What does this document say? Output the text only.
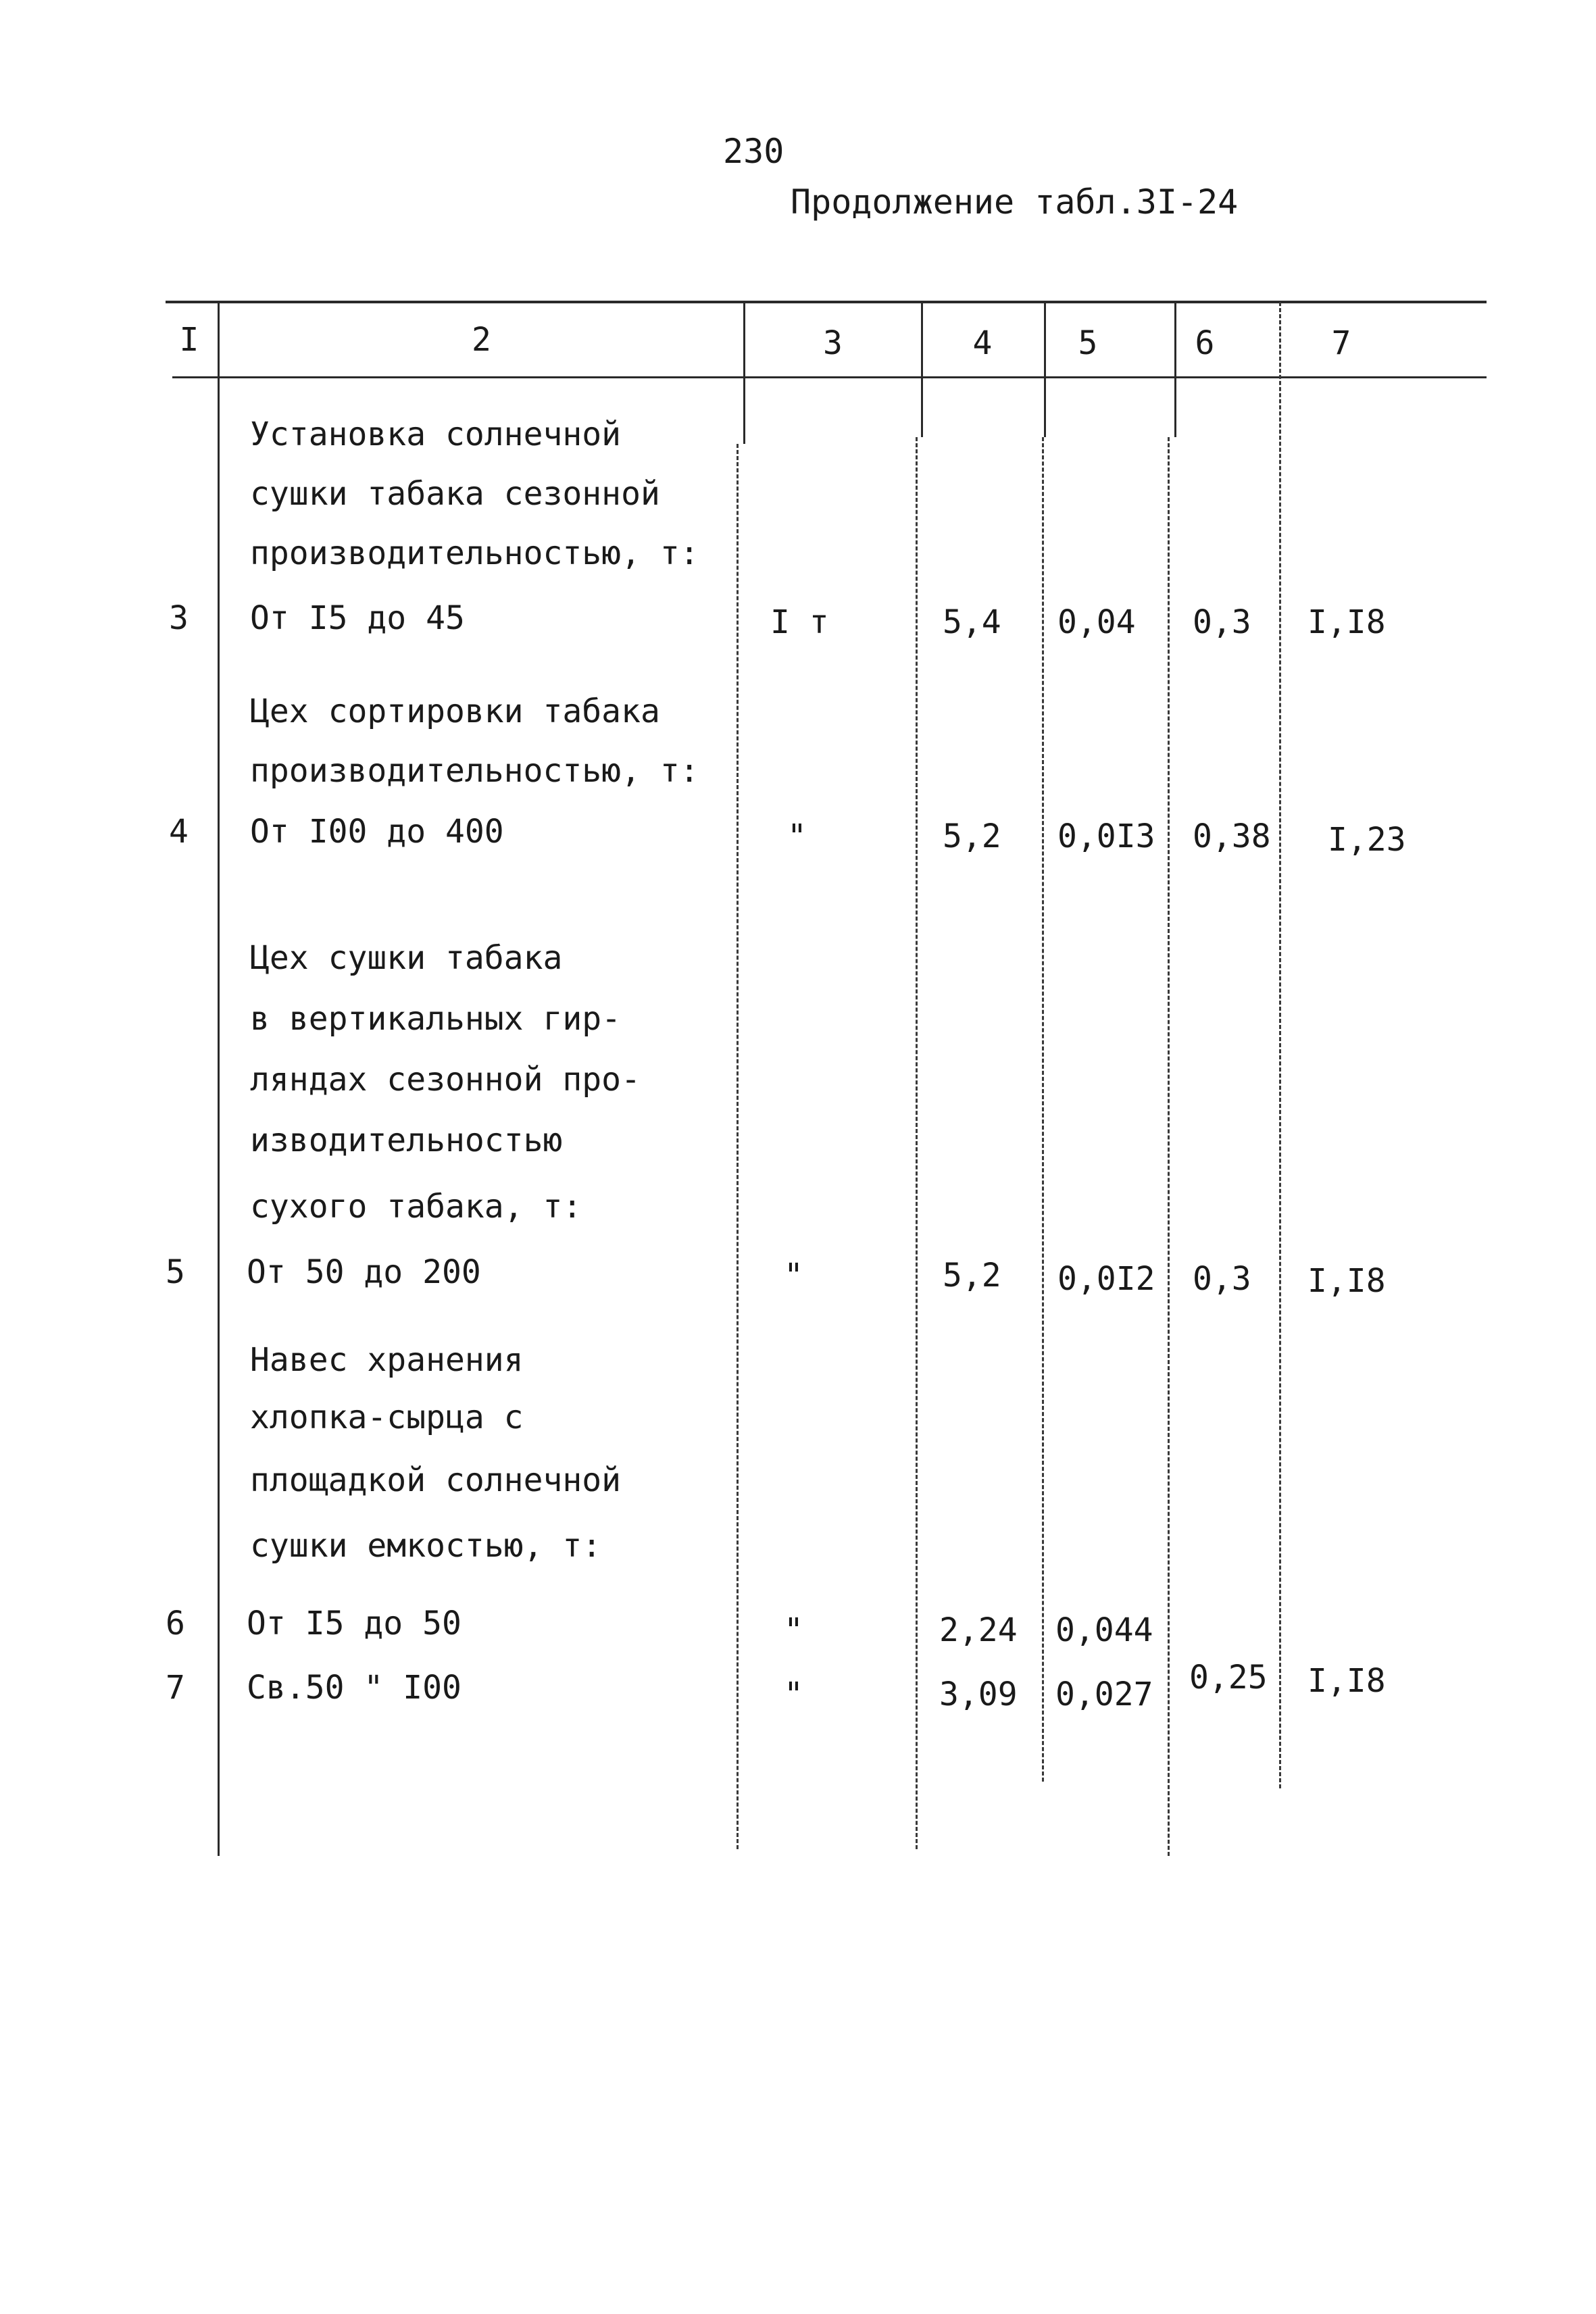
230
Продолжение табл.3I-24
I	2	3	4	5	6	7
Установка солнечной
сушки табака сезонной
производительностью, т:
3 От I5 до 45	I т	5,4 0,04 0,3 I,I8
Цех сортировки табака
производительностью, т:
4 От I00 до 400	"	5,2 0,0I3 0,38 I,23
Цех сушки табака
в вертикальных гир-
ляндах сезонной про-
изводительностью
сухого табака, т:
5 От 50 до 200	"	5,2 0,0I2 0,3 I,I8
Навес хранения
хлопка-сырца с
площадкой солнечной
сушки емкостью, т:
6 От I5 до 50	"	2,24 0,044
7 Св.50 " I00	"	3,09 0,027 0,25 I,I8
